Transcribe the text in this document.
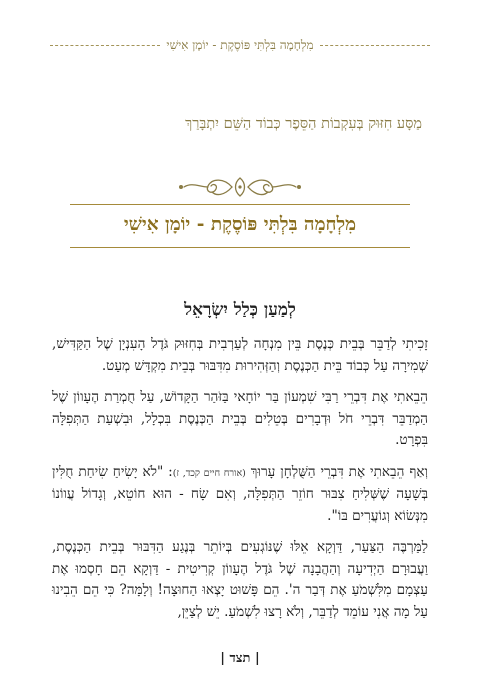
מִלְחָמָה בִּלְתִּי פּוֹסֶקֶת - יוֹמָן אִישִׁי
מַסָּע חִזּוּק בְּעִקְבוֹת הַסֵּפֶר כְּבוֹד הַשֵּׁם יִתְבָּרַךְ
מִלְחָמָה בִּלְתִּי פּוֹסֶקֶת - יוֹמָן אִישִׁי
לְמַעַן כְּלַל יִשְׂרָאֵל

זָכִיתִי לְדַבֵּר בְּבֵית כְּנֶסֶת בֵּין מִנְחָה לְעַרְבִית בְּחִזּוּק גֹּדֶל הָעִנְיָן שֶׁל הַקַּדִּישׁ, שְׁמִירָה עַל כְּבוֹד בֵּית הַכְּנֶסֶת וְהַזְּהִירוּת מִדִּבּוּר בְּבֵית מִקְדָּשׁ מְעַט.

הֵבֵאתִי אֶת דִּבְרֵי רַבִּי שִׁמְעוֹן בַּר יוֹחָאי בַּזֹּהַר הַקָּדוֹשׁ, עַל חֻמְרַת הֶעָווֹן שֶׁל הַמְדַבֵּר דִּבְרֵי חֹל וּדְבָרִים בְּטֵלִים בְּבֵית הַכְּנֶסֶת בִּכְלָל, וּבִשְׁעַת הַתְּפִלָּה בִּפְרָט.

וְאַף הֵבֵאתִי אֶת דִּבְרֵי הַשֻּׁלְחָן עָרוּךְ (אורח חיים קכד, ז): "לֹא יָשִׂיחַ שִׂיחַת חֻלִּין בְּשָׁעָה שֶׁשְּׁלִיחַ צִבּוּר חוֹזֵר הַתְּפִלָּה, וְאִם שָׂח - הוּא חוֹטֵא, וְגָדוֹל עֲווֹנוֹ מִנְּשׂוֹא וְגוֹעֲרִים בּוֹ".

לַמַּרְבֶּה הַצַּעַר, דַּוְקָא אֵלּוּ שֶׁנּוֹגְעִים בְּיוֹתֵר בְּנֶגַע הַדִּבּוּר בְּבֵית הַכְּנֶסֶת, וַעֲבוּרָם הַיְדִיעָה וְהַהֲבָנָה שֶׁל גֹּדֶל הֶעָווֹן קְרִיטִית - דַּוְקָא הֵם חָסְמוּ אֶת עַצְמָם מִלִּשְׁמֹעַ אֶת דְּבַר ה'. הֵם פָּשׁוּט יָצְאוּ הַחוּצָה! וְלָמָּה? כִּי הֵם הֵבִינוּ עַל מָה אֲנִי עוֹמֵד לְדַבֵּר, וְלֹא רָצוּ לִשְׁמֹעַ. יֵשׁ לְצַיֵּן,

| תצד |
